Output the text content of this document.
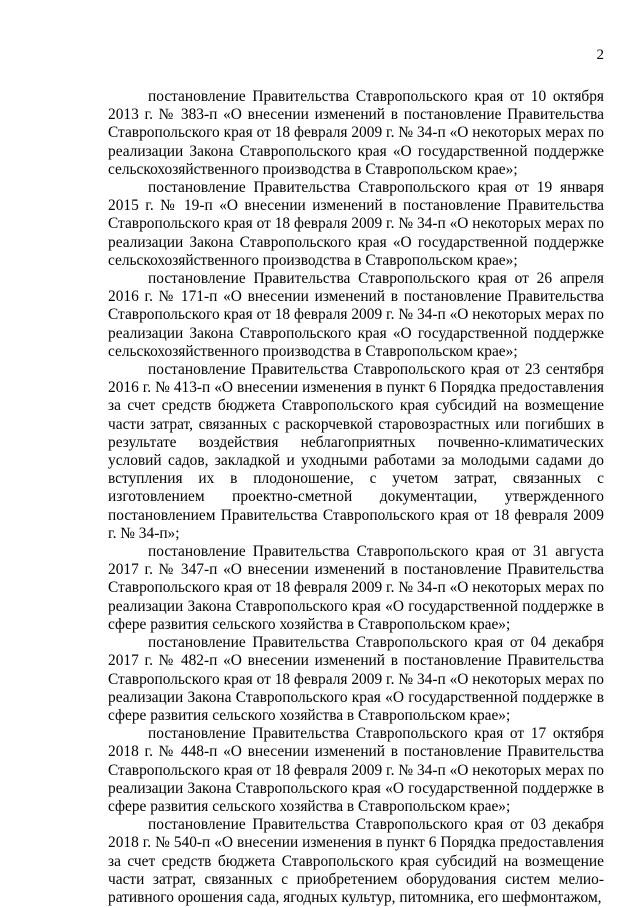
2

постановление Правительства Ставропольского края от 10 октября 2013 г. № 383-п «О внесении изменений в постановление Правительства Ставропольского края от 18 февраля 2009 г. № 34-п «О некоторых мерах по реализации Закона Ставропольского края «О государственной поддержке сельскохозяйственного производства в Ставропольском крае»;

постановление Правительства Ставропольского края от 19 января 2015 г. № 19-п «О внесении изменений в постановление Правительства Ставропольского края от 18 февраля 2009 г. № 34-п «О некоторых мерах по реализации Закона Ставропольского края «О государственной поддержке сельскохозяйственного производства в Ставропольском крае»;

постановление Правительства Ставропольского края от 26 апреля 2016 г. № 171-п «О внесении изменений в постановление Правительства Ставропольского края от 18 февраля 2009 г. № 34-п «О некоторых мерах по реализации Закона Ставропольского края «О государственной поддержке сельскохозяйственного производства в Ставропольском крае»;

постановление Правительства Ставропольского края от 23 сентября 2016 г. № 413-п «О внесении изменения в пункт 6 Порядка предоставления за счет средств бюджета Ставропольского края субсидий на возмещение части затрат, связанных с раскорчевкой старовозрастных или погибших в результате воздействия неблагоприятных почвенно-климатических условий садов, закладкой и уходными работами за молодыми садами до вступления их в плодоношение, с учетом затрат, связанных с изготовлением проектно-сметной документации, утвержденного постановлением Правительства Ставропольского края от 18 февраля 2009 г. № 34-п»;

постановление Правительства Ставропольского края от 31 августа 2017 г. № 347-п «О внесении изменений в постановление Правительства Ставропольского края от 18 февраля 2009 г. № 34-п «О некоторых мерах по реализации Закона Ставропольского края «О государственной поддержке в сфере развития сельского хозяйства в Ставропольском крае»;

постановление Правительства Ставропольского края от 04 декабря 2017 г. № 482-п «О внесении изменений в постановление Правительства Ставропольского края от 18 февраля 2009 г. № 34-п «О некоторых мерах по реализации Закона Ставропольского края «О государственной поддержке в сфере развития сельского хозяйства в Ставропольском крае»;

постановление Правительства Ставропольского края от 17 октября 2018 г. № 448-п «О внесении изменений в постановление Правительства Ставропольского края от 18 февраля 2009 г. № 34-п «О некоторых мерах по реализации Закона Ставропольского края «О государственной поддержке в сфере развития сельского хозяйства в Ставропольском крае»;

постановление Правительства Ставропольского края от 03 декабря 2018 г. № 540-п «О внесении изменения в пункт 6 Порядка предоставления за счет средств бюджета Ставропольского края субсидий на возмещение части затрат, связанных с приобретением оборудования систем мелиоративного орошения сада, ягодных культур, питомника, его шефмонтажом,
